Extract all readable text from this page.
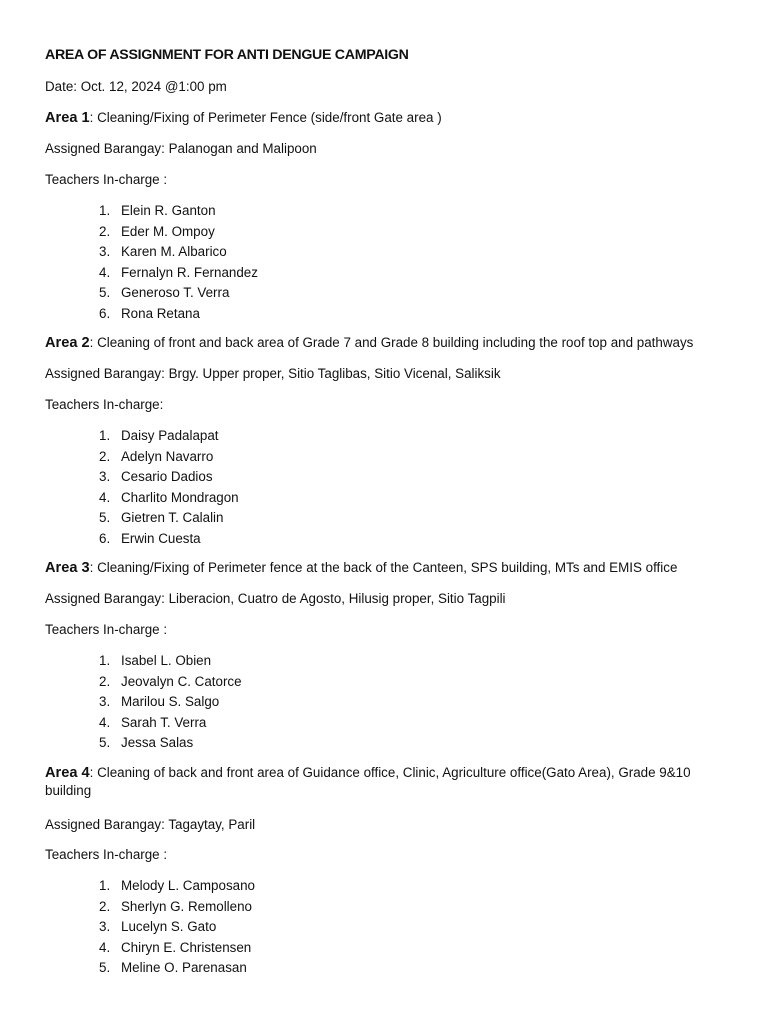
AREA OF ASSIGNMENT FOR ANTI DENGUE CAMPAIGN
Date: Oct. 12, 2024 @1:00 pm
Area 1: Cleaning/Fixing of Perimeter Fence (side/front Gate area )
Assigned Barangay: Palanogan and Malipoon
Teachers In-charge :
1. Elein R. Ganton
2. Eder M. Ompoy
3. Karen M. Albarico
4. Fernalyn R. Fernandez
5. Generoso T. Verra
6. Rona Retana
Area 2: Cleaning of front and back area of Grade 7 and Grade 8 building including the roof top and pathways
Assigned Barangay: Brgy. Upper proper, Sitio Taglibas, Sitio Vicenal, Saliksik
Teachers In-charge:
1. Daisy Padalapat
2. Adelyn Navarro
3. Cesario Dadios
4. Charlito Mondragon
5. Gietren T. Calalin
6. Erwin Cuesta
Area 3: Cleaning/Fixing of Perimeter fence at the back of the Canteen, SPS building, MTs and EMIS office
Assigned Barangay: Liberacion, Cuatro de Agosto, Hilusig proper, Sitio Tagpili
Teachers In-charge :
1. Isabel L. Obien
2. Jeovalyn C. Catorce
3. Marilou S. Salgo
4. Sarah T. Verra
5. Jessa Salas
Area 4: Cleaning of back and front area of Guidance office, Clinic, Agriculture office(Gato Area), Grade 9&10 building
Assigned Barangay: Tagaytay, Paril
Teachers In-charge :
1. Melody L. Camposano
2. Sherlyn G. Remolleno
3. Lucelyn S. Gato
4. Chiryn E. Christensen
5. Meline O. Parenasan
